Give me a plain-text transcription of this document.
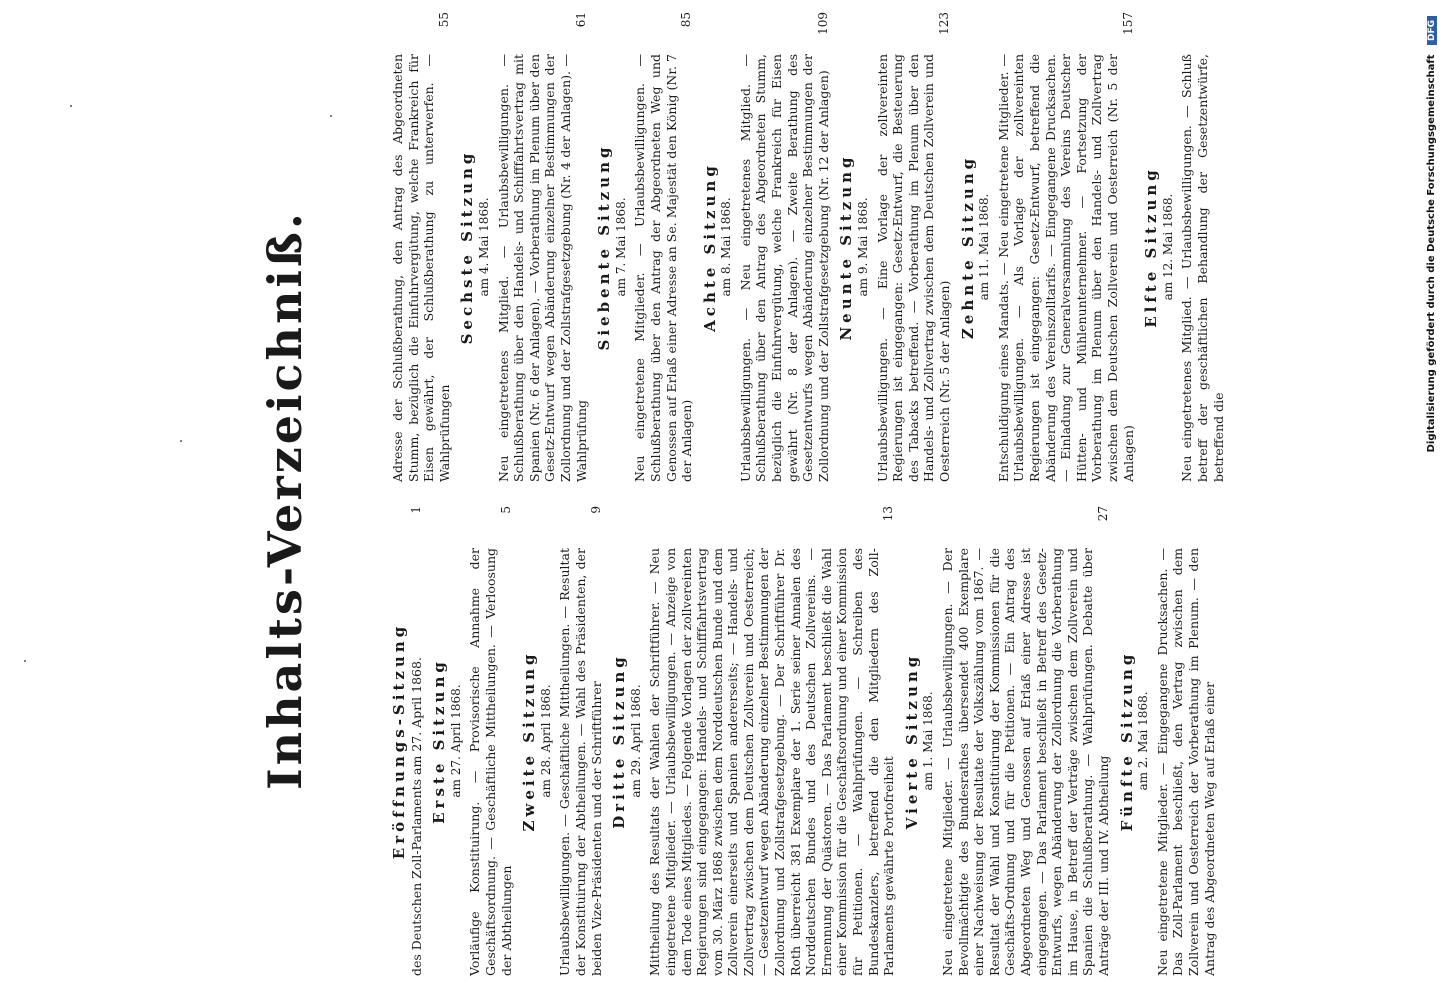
Inhalts-Verzeichniß.	Eröffnungs-Sitzung des Deutschen Zoll-Parlaments am 27. April 1868.
1
Erste Sitzung am 27. April 1868. Vorläufige Konstituirung. — Provisorische Annahme der Geschäftsordnung. — Geschäftliche Mittheilungen. — Verloosung der Abtheilungen
5
Zweite Sitzung am 28. April 1868. Urlaubsbewilligungen. — Geschäftliche Mittheilungen. — Resultat der Konstituirung der Abtheilungen. — Wahl des Präsidenten, der beiden Vize-Präsidenten und der Schriftführer
9
Dritte Sitzung am 29. April 1868. Mittheilung des Resultats der Wahlen der Schriftführer. — Neu eingetretene Mitglieder. — Urlaubsbewilligungen. — Anzeige von dem Tode eines Mitgliedes. — Folgende Vorlagen der zollvereinten Regierungen sind eingegangen: Handels- und Schifffahrtsvertrag vom 30. März 1868 zwischen dem Norddeutschen Bunde und dem Zollverein einerseits und Spanien andererseits; — Handels- und Zollvertrag zwischen dem Deutschen Zollverein und Oesterreich; — Gesetzentwurf wegen Abänderung einzelner Bestimmungen der Zollordnung und Zollstrafgesetzgebung. — Der Schriftführer Dr. Roth überreicht 381 Exemplare der 1. Serie seiner Annalen des Norddeutschen Bundes und des Deutschen Zollvereins. — Ernennung der Quästoren. — Das Parlament beschließt die Wahl einer Kommission für die Geschäftsordnung und einer Kommission für Petitionen. — Wahlprüfungen. — Schreiben des Bundeskanzlers, betreffend die den Mitgliedern des Zoll-Parlaments gewährte Portofreiheit
13
Vierte Sitzung am 1. Mai 1868. Neu eingetretene Mitglieder. — Urlaubsbewilligungen. — Der Bevollmächtigte des Bundesrathes übersendet 400 Exemplare einer Nachweisung der Resultate der Volkszählung vom 1867. — Resultat der Wahl und Konstituirung der Kommissionen für die Geschäfts-Ordnung und für die Petitionen. — Ein Antrag des Abgeordneten Weg und Genossen auf Erlaß einer Adresse ist eingegangen. — Das Parlament beschließt in Betreff des Gesetz-Entwurfs, wegen Abänderung der Zollordnung die Vorberathung im Hause, in Betreff der Verträge zwischen dem Zollverein und Spanien die Schlußberathung. — Wahlprüfungen. Debatte über Anträge der III. und IV. Abtheilung
27
Fünfte Sitzung am 2. Mai 1868. Neu eingetretene Mitglieder. — Eingegangene Drucksachen. — Das Zoll-Parlament beschließt, den Vertrag zwischen dem Zollverein und Oesterreich der Vorberathung im Plenum. — den Antrag des Abgeordneten Weg auf Erlaß einer
Adresse der Schlußberathung, den Antrag des Abgeordneten Stumm, bezüglich die Einfuhrvergütung, welche Frankreich für Eisen gewährt, der Schlußberathung zu unterwerfen. — Wahlprüfungen
55
Sechste Sitzung am 4. Mai 1868. Neu eingetretenes Mitglied. — Urlaubsbewilligungen. — Schlußberathung über den Handels- und Schifffahrtsvertrag mit Spanien (Nr. 6 der Anlagen). — Vorberathung im Plenum über den Gesetz-Entwurf wegen Abänderung einzelner Bestimmungen der Zollordnung und der Zollstrafgesetzgebung (Nr. 4 der Anlagen). — Wahlprüfung
61
Siebente Sitzung am 7. Mai 1868. Neu eingetretene Mitglieder. — Urlaubsbewilligungen. — Schlußberathung über den Antrag der Abgeordneten Weg und Genossen auf Erlaß einer Adresse an Se. Majestät den König (Nr. 7 der Anlagen)
85
Achte Sitzung am 8. Mai 1868. Urlaubsbewilligungen. — Neu eingetretenes Mitglied. — Schlußberathung über den Antrag des Abgeordneten Stumm, bezüglich die Einfuhrvergütung, welche Frankreich für Eisen gewährt (Nr. 8 der Anlagen). — Zweite Berathung des Gesetzentwurfs wegen Abänderung einzelner Bestimmungen der Zollordnung und der Zollstrafgesetzgebung (Nr. 12 der Anlagen)
109
Neunte Sitzung am 9. Mai 1868. Urlaubsbewilligungen. — Eine Vorlage der zollvereinten Regierungen ist eingegangen: Gesetz-Entwurf, die Besteuerung des Tabacks betreffend. — Vorberathung im Plenum über den Handels- und Zollvertrag zwischen dem Deutschen Zollverein und Oesterreich (Nr. 5 der Anlagen)
123
Zehnte Sitzung am 11. Mai 1868. Entschuldigung eines Mandats. — Neu eingetretene Mitglieder. — Urlaubsbewilligungen. — Als Vorlage der zollvereinten Regierungen ist eingegangen: Gesetz-Entwurf, betreffend die Abänderung des Vereinszolltarifs. — Eingegangene Drucksachen. — Einladung zur Generalversammlung des Vereins Deutscher Hütten- und Mühlenunternehmer. — Fortsetzung der Vorberathung im Plenum über den Handels- und Zollvertrag zwischen dem Deutschen Zollverein und Oesterreich (Nr. 5 der Anlagen)
157
Elfte Sitzung am 12. Mai 1868. Neu eingetretenes Mitglied. — Urlaubsbewilligungen. — Schluß betreff der geschäftlichen Behandlung der Gesetzentwürfe, betreffend die	Digitalisierung gefördert durch die Deutsche Forschungsgemeinschaft DFG
